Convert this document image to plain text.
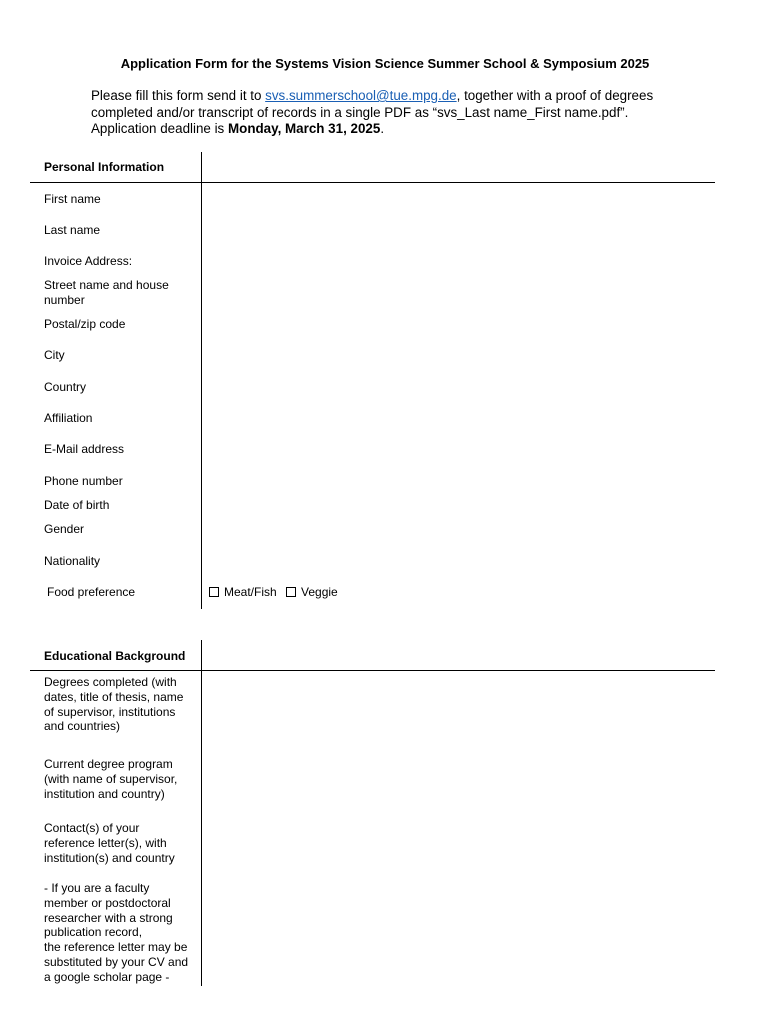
Application Form for the Systems Vision Science Summer School & Symposium 2025
Please fill this form send it to svs.summerschool@tue.mpg.de, together with a proof of degrees
completed and/or transcript of records in a single PDF as “svs_Last name_First name.pdf”.
Application deadline is Monday, March 31, 2025.
Personal Information
First name
Last name
Invoice Address:
Street name and house
number
Postal/zip code
City
Country
Affiliation
E-Mail address
Phone number
Date of birth
Gender
Nationality
Food preference	Meat/Fish Veggie
Educational Background
Degrees completed (with
dates, title of thesis, name
of supervisor, institutions
and countries)
Current degree program
(with name of supervisor,
institution and country)
Contact(s) of your
reference letter(s), with
institution(s) and country
- If you are a faculty
member or postdoctoral
researcher with a strong
publication record,
the reference letter may be
substituted by your CV and
a google scholar page -
